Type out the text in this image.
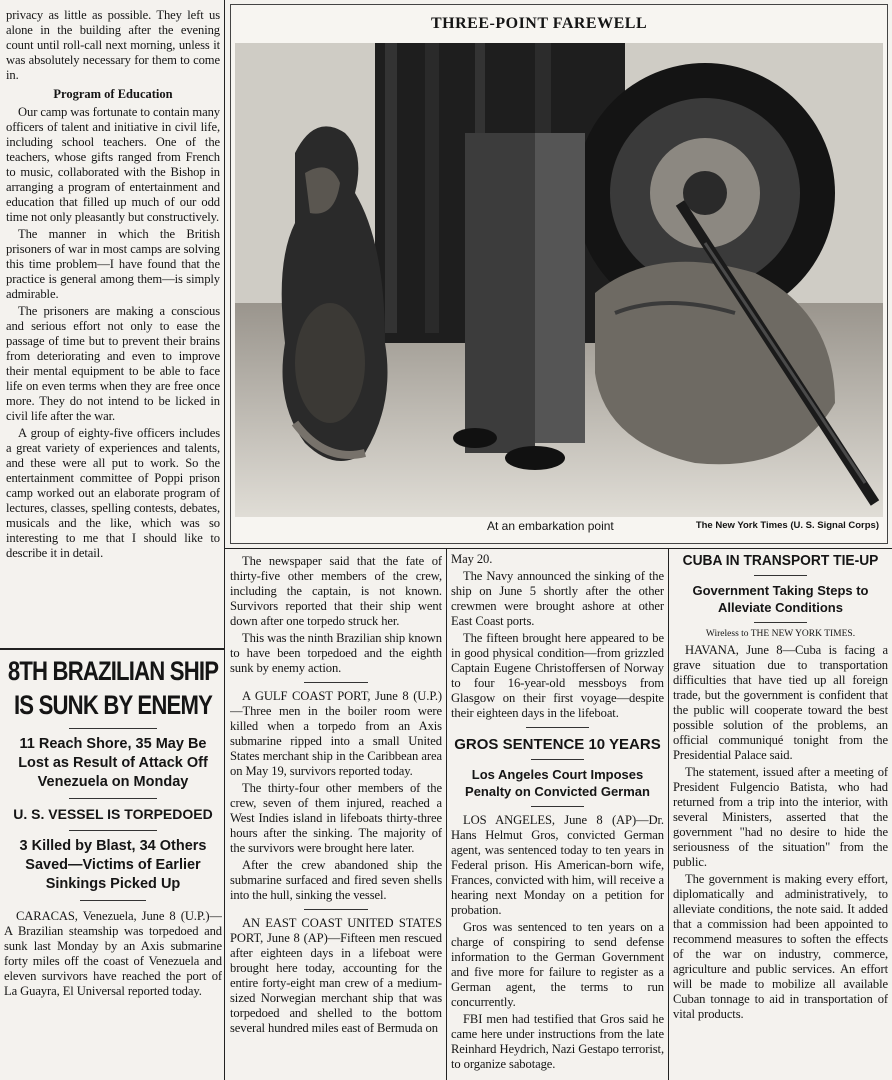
privacy as little as possible. They left us alone in the building after the evening count until roll-call next morning, unless it was absolutely necessary for them to come in.

Program of Education

Our camp was fortunate to contain many officers of talent and initiative in civil life, including school teachers. One of the teachers, whose gifts ranged from French to music, collaborated with the Bishop in arranging a program of entertainment and education that filled up much of our odd time not only pleasantly but constructively.

The manner in which the British prisoners of war in most camps are solving this time problem—I have found that the practice is general among them—is simply admirable.

The prisoners are making a conscious and serious effort not only to ease the passage of time but to prevent their brains from deteriorating and even to improve their mental equipment to be able to face life on even terms when they are free once more. They do not intend to be licked in civil life after the war.

A group of eighty-five officers includes a great variety of experiences and talents, and these were all put to work. So the entertainment committee of Poppi prison camp worked out an elaborate program of lectures, classes, spelling contests, debates, musicals and the like, which was so interesting to me that I should like to describe it in detail.

THREE-POINT FAREWELL
At an embarkation point	The New York Times (U. S. Signal Corps)
8TH BRAZILIAN SHIP
IS SUNK BY ENEMY
11 Reach Shore, 35 May Be Lost as Result of Attack Off Venezuela on Monday
U. S. VESSEL IS TORPEDOED
3 Killed by Blast, 34 Others Saved—Victims of Earlier Sinkings Picked Up

CARACAS, Venezuela, June 8 (U.P.)—A Brazilian steamship was torpedoed and sunk last Monday by an Axis submarine forty miles off the coast of Venezuela and eleven survivors have reached the port of La Guayra, El Universal reported today.

The newspaper said that the fate of thirty-five other members of the crew, including the captain, is not known. Survivors reported that their ship went down after one torpedo struck her.

This was the ninth Brazilian ship known to have been torpedoed and the eighth sunk by enemy action.

A GULF COAST PORT, June 8 (U.P.)—Three men in the boiler room were killed when a torpedo from an Axis submarine ripped into a small United States merchant ship in the Caribbean area on May 19, survivors reported today.

The thirty-four other members of the crew, seven of them injured, reached a West Indies island in lifeboats thirty-three hours after the sinking. The majority of the survivors were brought here later.

After the crew abandoned ship the submarine surfaced and fired seven shells into the hull, sinking the vessel.

AN EAST COAST UNITED STATES PORT, June 8 (AP)—Fifteen men rescued after eighteen days in a lifeboat were brought here today, accounting for the entire forty-eight man crew of a medium-sized Norwegian merchant ship that was torpedoed and shelled to the bottom several hundred miles east of Bermuda on

May 20.

The Navy announced the sinking of the ship on June 5 shortly after the other crewmen were brought ashore at other East Coast ports.

The fifteen brought here appeared to be in good physical condition—from grizzled Captain Eugene Christoffersen of Norway to four 16-year-old messboys from Glasgow on their first voyage—despite their eighteen days in the lifeboat.

GROS SENTENCE 10 YEARS
Los Angeles Court Imposes Penalty on Convicted German

LOS ANGELES, June 8 (AP)—Dr. Hans Helmut Gros, convicted German agent, was sentenced today to ten years in Federal prison. His American-born wife, Frances, convicted with him, will receive a hearing next Monday on a petition for probation.

Gros was sentenced to ten years on a charge of conspiring to send defense information to the German Government and five more for failure to register as a German agent, the terms to run concurrently.

FBI men had testified that Gros said he came here under instructions from the late Reinhard Heydrich, Nazi Gestapo terrorist, to organize sabotage.

CUBA IN TRANSPORT TIE-UP
Government Taking Steps to Alleviate Conditions
Wireless to THE NEW YORK TIMES.

HAVANA, June 8—Cuba is facing a grave situation due to transportation difficulties that have tied up all foreign trade, but the government is confident that the public will cooperate toward the best possible solution of the problems, an official communiqué tonight from the Presidential Palace said.

The statement, issued after a meeting of President Fulgencio Batista, who had returned from a trip into the interior, with several Ministers, asserted that the government "had no desire to hide the seriousness of the situation" from the public.

The government is making every effort, diplomatically and administratively, to alleviate conditions, the note said. It added that a commission had been appointed to recommend measures to soften the effects of the war on industry, commerce, agriculture and public services. An effort will be made to mobilize all available Cuban tonnage to aid in transportation of vital products.
